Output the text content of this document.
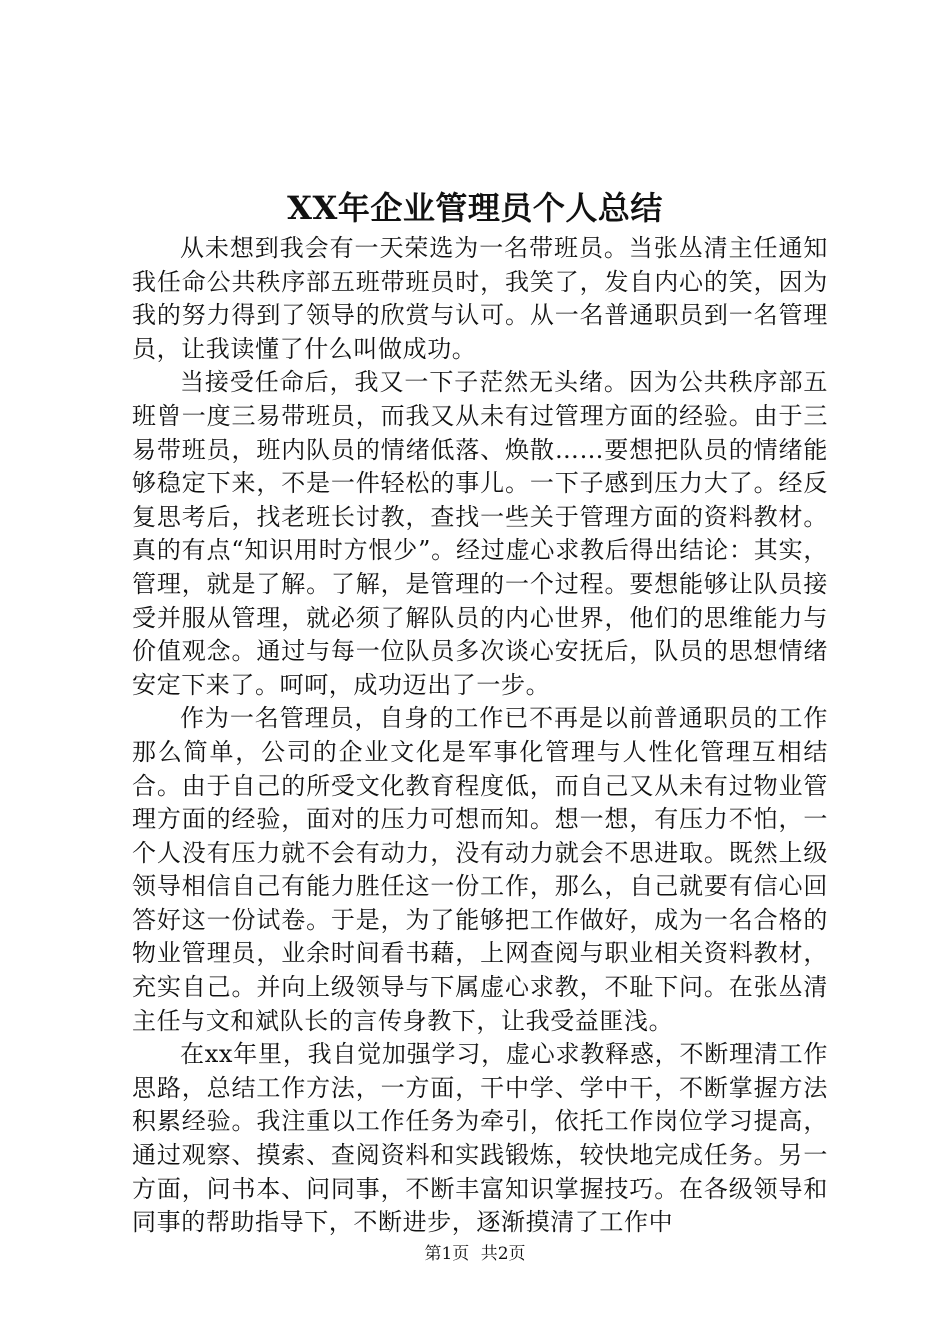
XX年企业管理员个人总结

从未想到我会有一天荣选为一名带班员。当张丛清主任通知我任命公共秩序部五班带班员时，我笑了，发自内心的笑，因为我的努力得到了领导的欣赏与认可。从一名普通职员到一名管理员，让我读懂了什么叫做成功。

当接受任命后，我又一下子茫然无头绪。因为公共秩序部五班曾一度三易带班员，而我又从未有过管理方面的经验。由于三易带班员，班内队员的情绪低落、焕散……要想把队员的情绪能够稳定下来，不是一件轻松的事儿。一下子感到压力大了。经反复思考后，找老班长讨教，查找一些关于管理方面的资料教材。真的有点“知识用时方恨少”。经过虚心求教后得出结论：其实，管理，就是了解。了解，是管理的一个过程。要想能够让队员接受并服从管理，就必须了解队员的内心世界，他们的思维能力与价值观念。通过与每一位队员多次谈心安抚后，队员的思想情绪安定下来了。呵呵，成功迈出了一步。

作为一名管理员，自身的工作已不再是以前普通职员的工作那么简单，公司的企业文化是军事化管理与人性化管理互相结合。由于自己的所受文化教育程度低，而自己又从未有过物业管理方面的经验，面对的压力可想而知。想一想，有压力不怕，一个人没有压力就不会有动力，没有动力就会不思进取。既然上级领导相信自己有能力胜任这一份工作，那么，自己就要有信心回答好这一份试卷。于是，为了能够把工作做好，成为一名合格的物业管理员，业余时间看书藉，上网查阅与职业相关资料教材，充实自己。并向上级领导与下属虚心求教，不耻下问。在张丛清主任与文和斌队长的言传身教下，让我受益匪浅。

在xx年里，我自觉加强学习，虚心求教释惑，不断理清工作思路，总结工作方法，一方面，干中学、学中干，不断掌握方法积累经验。我注重以工作任务为牵引，依托工作岗位学习提高，通过观察、摸索、查阅资料和实践锻炼，较快地完成任务。另一方面，问书本、问同事，不断丰富知识掌握技巧。在各级领导和同事的帮助指导下，不断进步，逐渐摸清了工作中

第1页 共2页
